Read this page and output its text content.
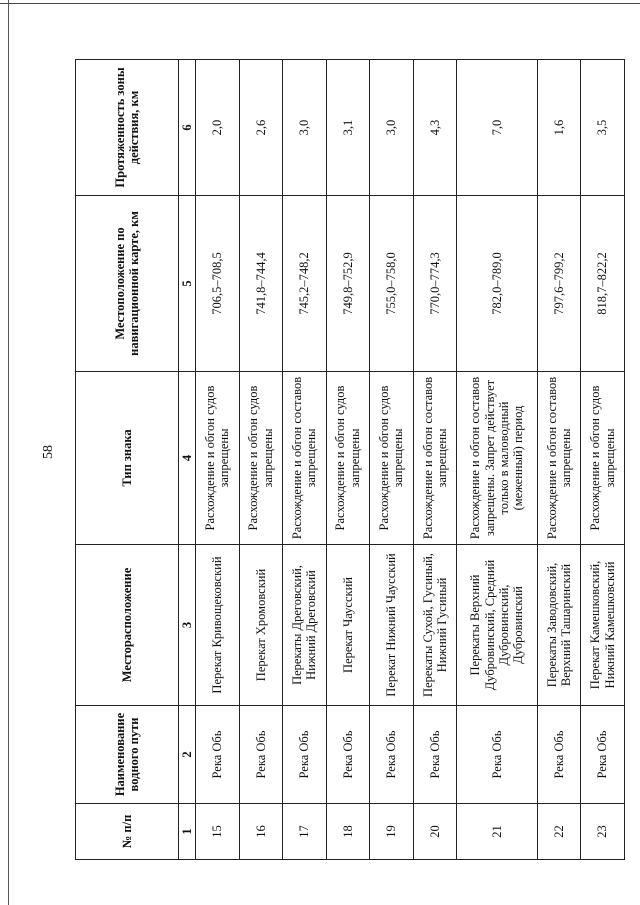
58
№ п/п	Наименование водного пути	Месторасположение	Тип знака	Местоположение по навигационной карте, км	Протяженность зоны действия, км
1	2	3	4	5	6
15	Река Обь	Перекат Кривощековский	Расхождение и обгон судов запрещены	706,5–708,5	2,0
16	Река Обь	Перекат Хромовский	Расхождение и обгон судов запрещены	741,8–744,4	2,6
17	Река Обь	Перекаты Дреговский, Нижний Дреговский	Расхождение и обгон составов запрещены	745,2–748,2	3,0
18	Река Обь	Перекат Чаусский	Расхождение и обгон судов запрещены	749,8–752,9	3,1
19	Река Обь	Перекат Нижний Чаусский	Расхождение и обгон судов запрещены	755,0–758,0	3,0
20	Река Обь	Перекаты Сухой, Гусиный, Нижний Гусиный	Расхождение и обгон составов запрещены	770,0–774,3	4,3
21	Река Обь	Перекаты Верхний Дубровинский, Средний Дубровинский, Дубровинский	Расхождение и обгон составов запрещены. Запрет действует только в маловодный (меженный) период	782,0–789,0	7,0
22	Река Обь	Перекаты Заводовский, Верхний Ташаринский	Расхождение и обгон составов запрещены	797,6–799,2	1,6
23	Река Обь	Перекат Камешковский, Нижний Камешковский	Расхождение и обгон судов запрещены	818,7–822,2	3,5
